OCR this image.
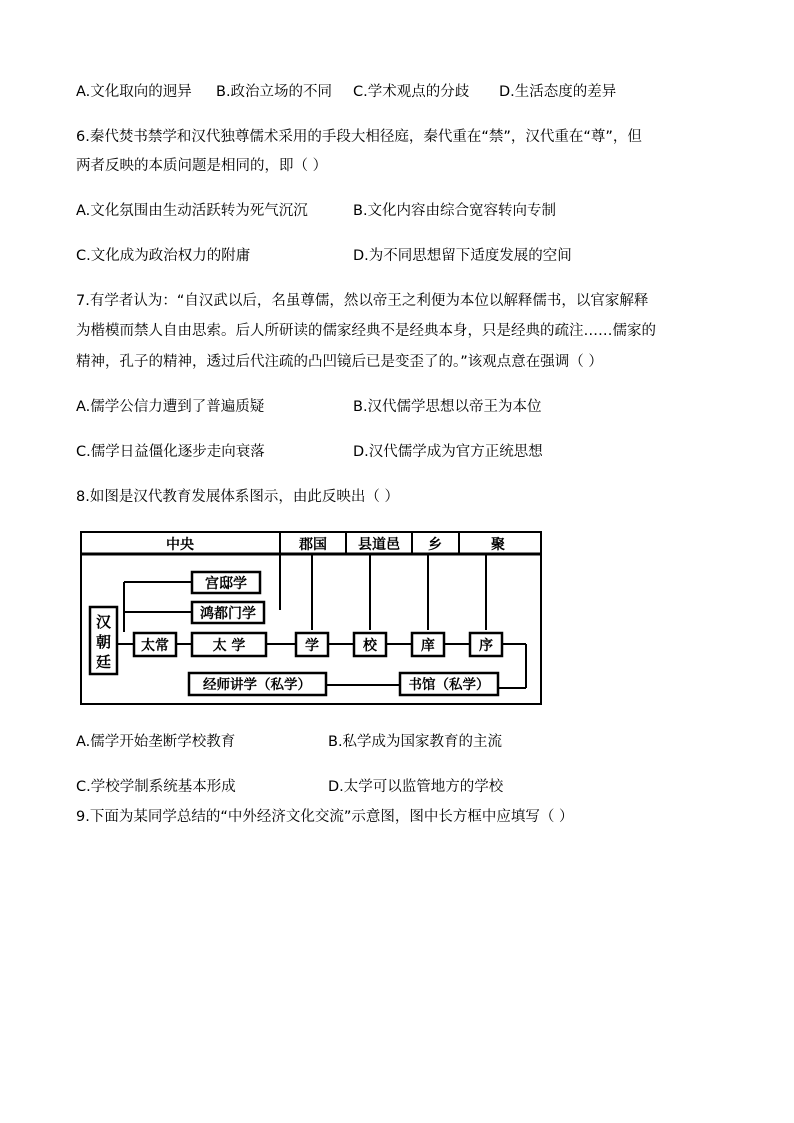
A.文化取向的迥异 B.政治立场的不同 C.学术观点的分歧 D.生活态度的差异
6.秦代焚书禁学和汉代独尊儒术采用的手段大相径庭，秦代重在“禁”，汉代重在“尊”，但
两者反映的本质问题是相同的，即（ ）
A.文化氛围由生动活跃转为死气沉沉	B.文化内容由综合宽容转向专制
C.文化成为政治权力的附庸	D.为不同思想留下适度发展的空间
7.有学者认为：“自汉武以后，名虽尊儒，然以帝王之利便为本位以解释儒书，以官家解释
为楷模而禁人自由思索。后人所研读的儒家经典不是经典本身，只是经典的疏注……儒家的
精神，孔子的精神，透过后代注疏的凸凹镜后已是变歪了的。”该观点意在强调（ ）
A.儒学公信力遭到了普遍质疑	B.汉代儒学思想以帝王为本位
C.儒学日益僵化逐步走向衰落	D.汉代儒学成为官方正统思想
8.如图是汉代教育发展体系图示，由此反映出（ ）
中央	郡国 县道邑 乡	聚
汉
朝
廷
太常	太 学
宫邸学
鸿都门学
学	校	庠	序
经师讲学（私学）	书馆（私学）
A.儒学开始垄断学校教育	B.私学成为国家教育的主流
C.学校学制系统基本形成	D.太学可以监管地方的学校
9.下面为某同学总结的“中外经济文化交流”示意图，图中长方框中应填写（ ）
